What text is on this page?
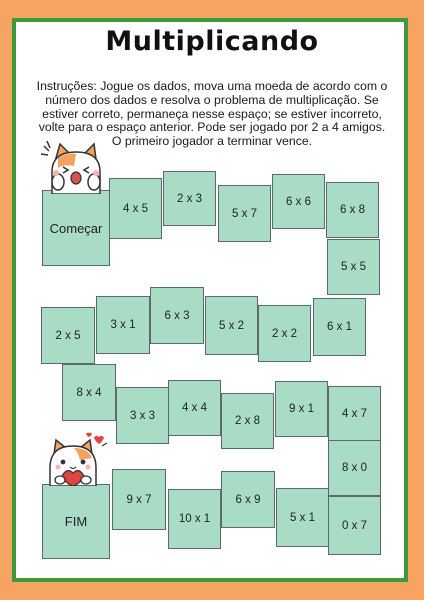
Multiplicando
Instruções: Jogue os dados, mova uma moeda de acordo com o número dos dados e resolva o problema de multiplicação. Se estiver correto, permaneça nesse espaço; se estiver incorreto, volte para o espaço anterior. Pode ser jogado por 2 a 4 amigos. O primeiro jogador a terminar vence.
Começar
FIM
4 x 5
2 x 3
5 x 7
6 x 6
6 x 8
5 x 5
6 x 1
2 x 2
5 x 2
6 x 3
3 x 1
2 x 5
8 x 4
3 x 3
4 x 4
2 x 8
9 x 1	4 x 7
8 x 0
0 x 7
5 x 1
6 x 9
10 x 1
9 x 7
